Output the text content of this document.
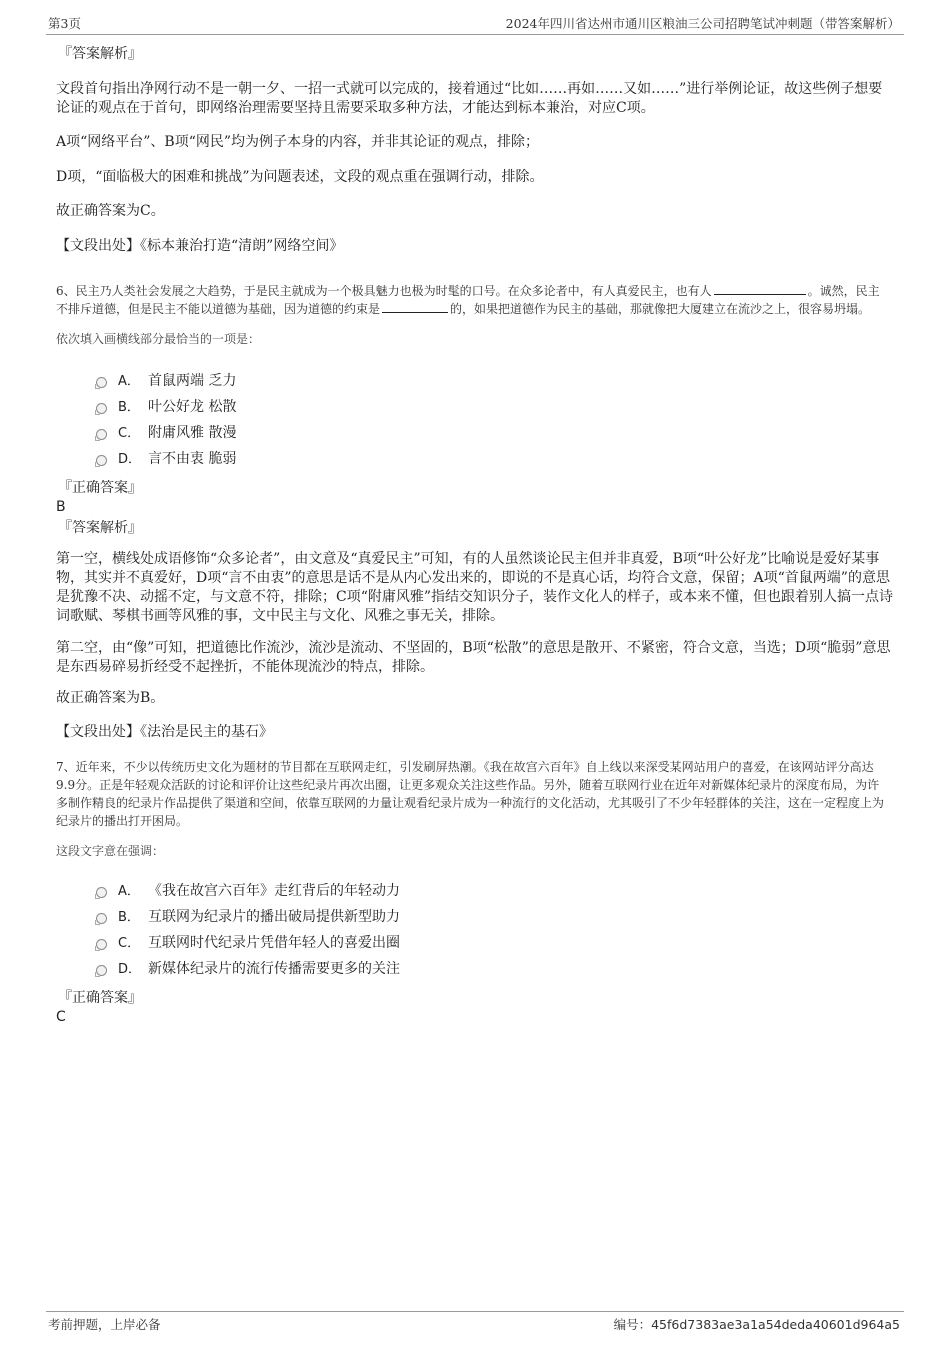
第3页	2024年四川省达州市通川区粮油三公司招聘笔试冲刺题（带答案解析）

『答案解析』

文段首句指出净网行动不是一朝一夕、一招一式就可以完成的，接着通过“比如……再如……又如……”进行举例论证，故这些例子想要论证的观点在于首句，即网络治理需要坚持且需要采取多种方法，才能达到标本兼治，对应C项。

A项“网络平台”、B项“网民”均为例子本身的内容，并非其论证的观点，排除；

D项，“面临极大的困难和挑战”为问题表述，文段的观点重在强调行动，排除。

故正确答案为C。

【文段出处】《标本兼治打造“清朗”网络空间》

6、民主乃人类社会发展之大趋势，于是民主就成为一个极具魅力也极为时髦的口号。在众多论者中，有人真爱民主，也有人	。诚然，民主不排斥道德，但是民主不能以道德为基础，因为道德的约束是	的，如果把道德作为民主的基础，那就像把大厦建立在流沙之上，很容易坍塌。

依次填入画横线部分最恰当的一项是：

A． 首鼠两端 乏力
B． 叶公好龙 松散
C． 附庸风雅 散漫
D． 言不由衷 脆弱

『正确答案』

B

『答案解析』

第一空，横线处成语修饰“众多论者”，由文意及“真爱民主”可知，有的人虽然谈论民主但并非真爱，B项“叶公好龙”比喻说是爱好某事物，其实并不真爱好，D项“言不由衷”的意思是话不是从内心发出来的，即说的不是真心话，均符合文意，保留；A项“首鼠两端”的意思是犹豫不决、动摇不定，与文意不符，排除；C项“附庸风雅”指结交知识分子，装作文化人的样子，或本来不懂，但也跟着别人搞一点诗词歌赋、琴棋书画等风雅的事，文中民主与文化、风雅之事无关，排除。

第二空，由“像”可知，把道德比作流沙，流沙是流动、不坚固的，B项“松散”的意思是散开、不紧密，符合文意，当选；D项“脆弱”意思是东西易碎易折经受不起挫折，不能体现流沙的特点，排除。

故正确答案为B。

【文段出处】《法治是民主的基石》

7、近年来，不少以传统历史文化为题材的节目都在互联网走红，引发刷屏热潮。《我在故宫六百年》自上线以来深受某网站用户的喜爱，在该网站评分高达9.9分。正是年轻观众活跃的讨论和评价让这些纪录片再次出圈，让更多观众关注这些作品。另外，随着互联网行业在近年对新媒体纪录片的深度布局，为许多制作精良的纪录片作品提供了渠道和空间，依靠互联网的力量让观看纪录片成为一种流行的文化活动，尤其吸引了不少年轻群体的关注，这在一定程度上为纪录片的播出打开困局。

这段文字意在强调：

A． 《我在故宫六百年》走红背后的年轻动力
B． 互联网为纪录片的播出破局提供新型助力
C． 互联网时代纪录片凭借年轻人的喜爱出圈
D． 新媒体纪录片的流行传播需要更多的关注

『正确答案』

C

考前押题，上岸必备	编号：45f6d7383ae3a1a54deda40601d964a5
